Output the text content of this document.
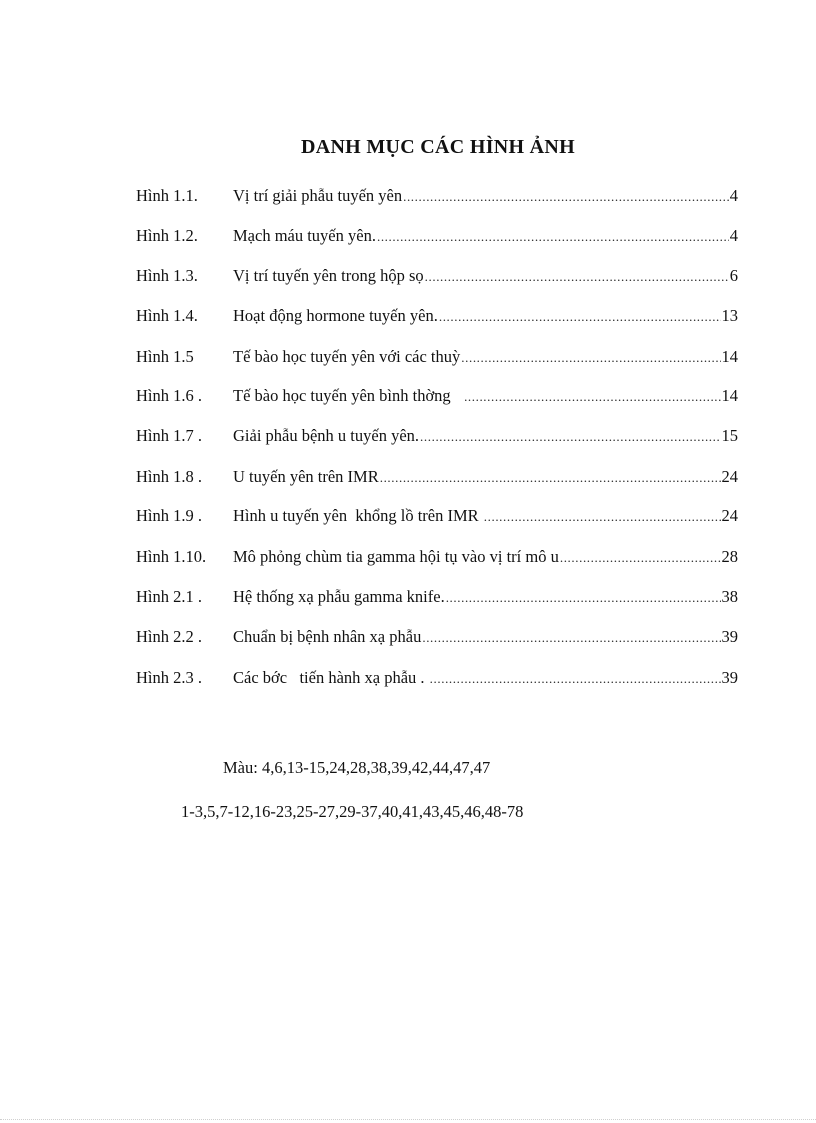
DANH MỤC CÁC HÌNH ẢNH
Hình 1.1.	Vị trí giải phẫu tuyến yên .....	4
Hình 1.2.	Mạch máu tuyến yên. .....	4
Hình 1.3.	Vị trí tuyến yên trong hộp sọ .....	6
Hình 1.4.	Hoạt động hormone tuyến yên. .....	13
Hình 1.5	Tế bào học tuyến yên với các thuỳ .....	14
Hình 1.6 .	Tế bào học tuyến yên bình thờng .....	14
Hình 1.7 .	Giải phẫu bệnh u tuyến yên. .....	15
Hình 1.8 .	U tuyến yên trên IMR .....	24
Hình 1.9 .	Hình u tuyến yên  khổng lồ trên IMR .....	24
Hình 1.10.	Mô phỏng chùm tia gamma hội tụ vào vị trí mô u .....	28
Hình 2.1 .	Hệ thống xạ phẫu gamma knife. .....	38
Hình 2.2 .	Chuẩn bị bệnh nhân xạ phẫu .....	39
Hình 2.3 .	Các bớc   tiến hành xạ phẫu . .....	39
Màu: 4,6,13-15,24,28,38,39,42,44,47,47
1-3,5,7-12,16-23,25-27,29-37,40,41,43,45,46,48-78
